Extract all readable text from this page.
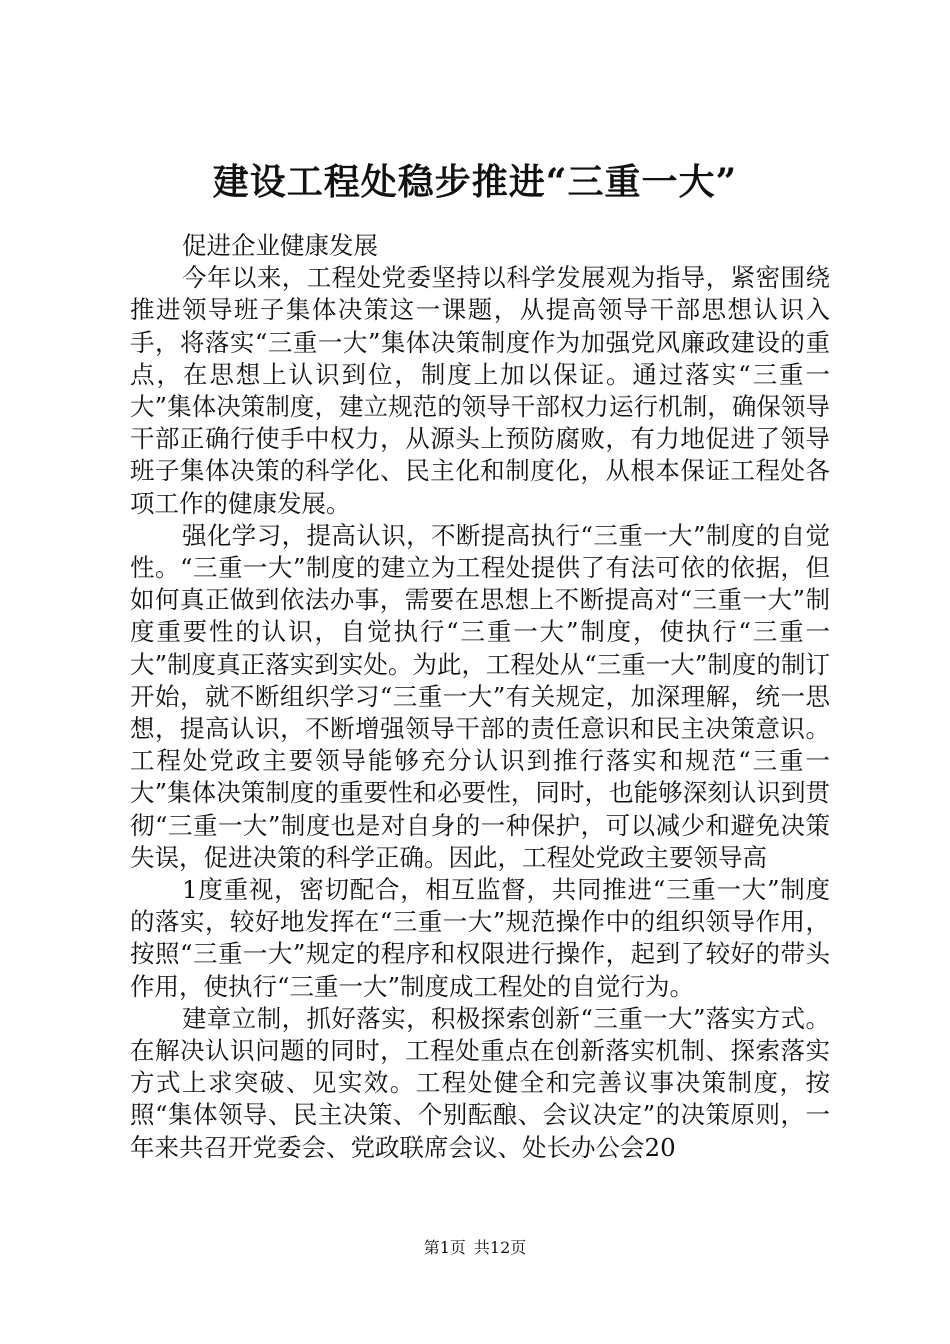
建设工程处稳步推进“三重一大”

促进企业健康发展

今年以来，工程处党委坚持以科学发展观为指导，紧密围绕推进领导班子集体决策这一课题，从提高领导干部思想认识入手，将落实“三重一大”集体决策制度作为加强党风廉政建设的重点，在思想上认识到位，制度上加以保证。通过落实“三重一大”集体决策制度，建立规范的领导干部权力运行机制，确保领导干部正确行使手中权力，从源头上预防腐败，有力地促进了领导班子集体决策的科学化、民主化和制度化，从根本保证工程处各项工作的健康发展。

强化学习，提高认识，不断提高执行“三重一大”制度的自觉性。“三重一大”制度的建立为工程处提供了有法可依的依据，但如何真正做到依法办事，需要在思想上不断提高对“三重一大”制度重要性的认识，自觉执行“三重一大”制度，使执行“三重一大”制度真正落实到实处。为此，工程处从“三重一大”制度的制订开始，就不断组织学习“三重一大”有关规定，加深理解，统一思想，提高认识，不断增强领导干部的责任意识和民主决策意识。工程处党政主要领导能够充分认识到推行落实和规范“三重一大”集体决策制度的重要性和必要性，同时，也能够深刻认识到贯彻“三重一大”制度也是对自身的一种保护，可以减少和避免决策失误，促进决策的科学正确。因此，工程处党政主要领导高

1度重视，密切配合，相互监督，共同推进“三重一大”制度的落实，较好地发挥在“三重一大”规范操作中的组织领导作用，按照“三重一大”规定的程序和权限进行操作，起到了较好的带头作用，使执行“三重一大”制度成工程处的自觉行为。

建章立制，抓好落实，积极探索创新“三重一大”落实方式。在解决认识问题的同时，工程处重点在创新落实机制、探索落实方式上求突破、见实效。工程处健全和完善议事决策制度，按照“集体领导、民主决策、个别酝酿、会议决定”的决策原则，一年来共召开党委会、党政联席会议、处长办公会20

第1页 共12页
